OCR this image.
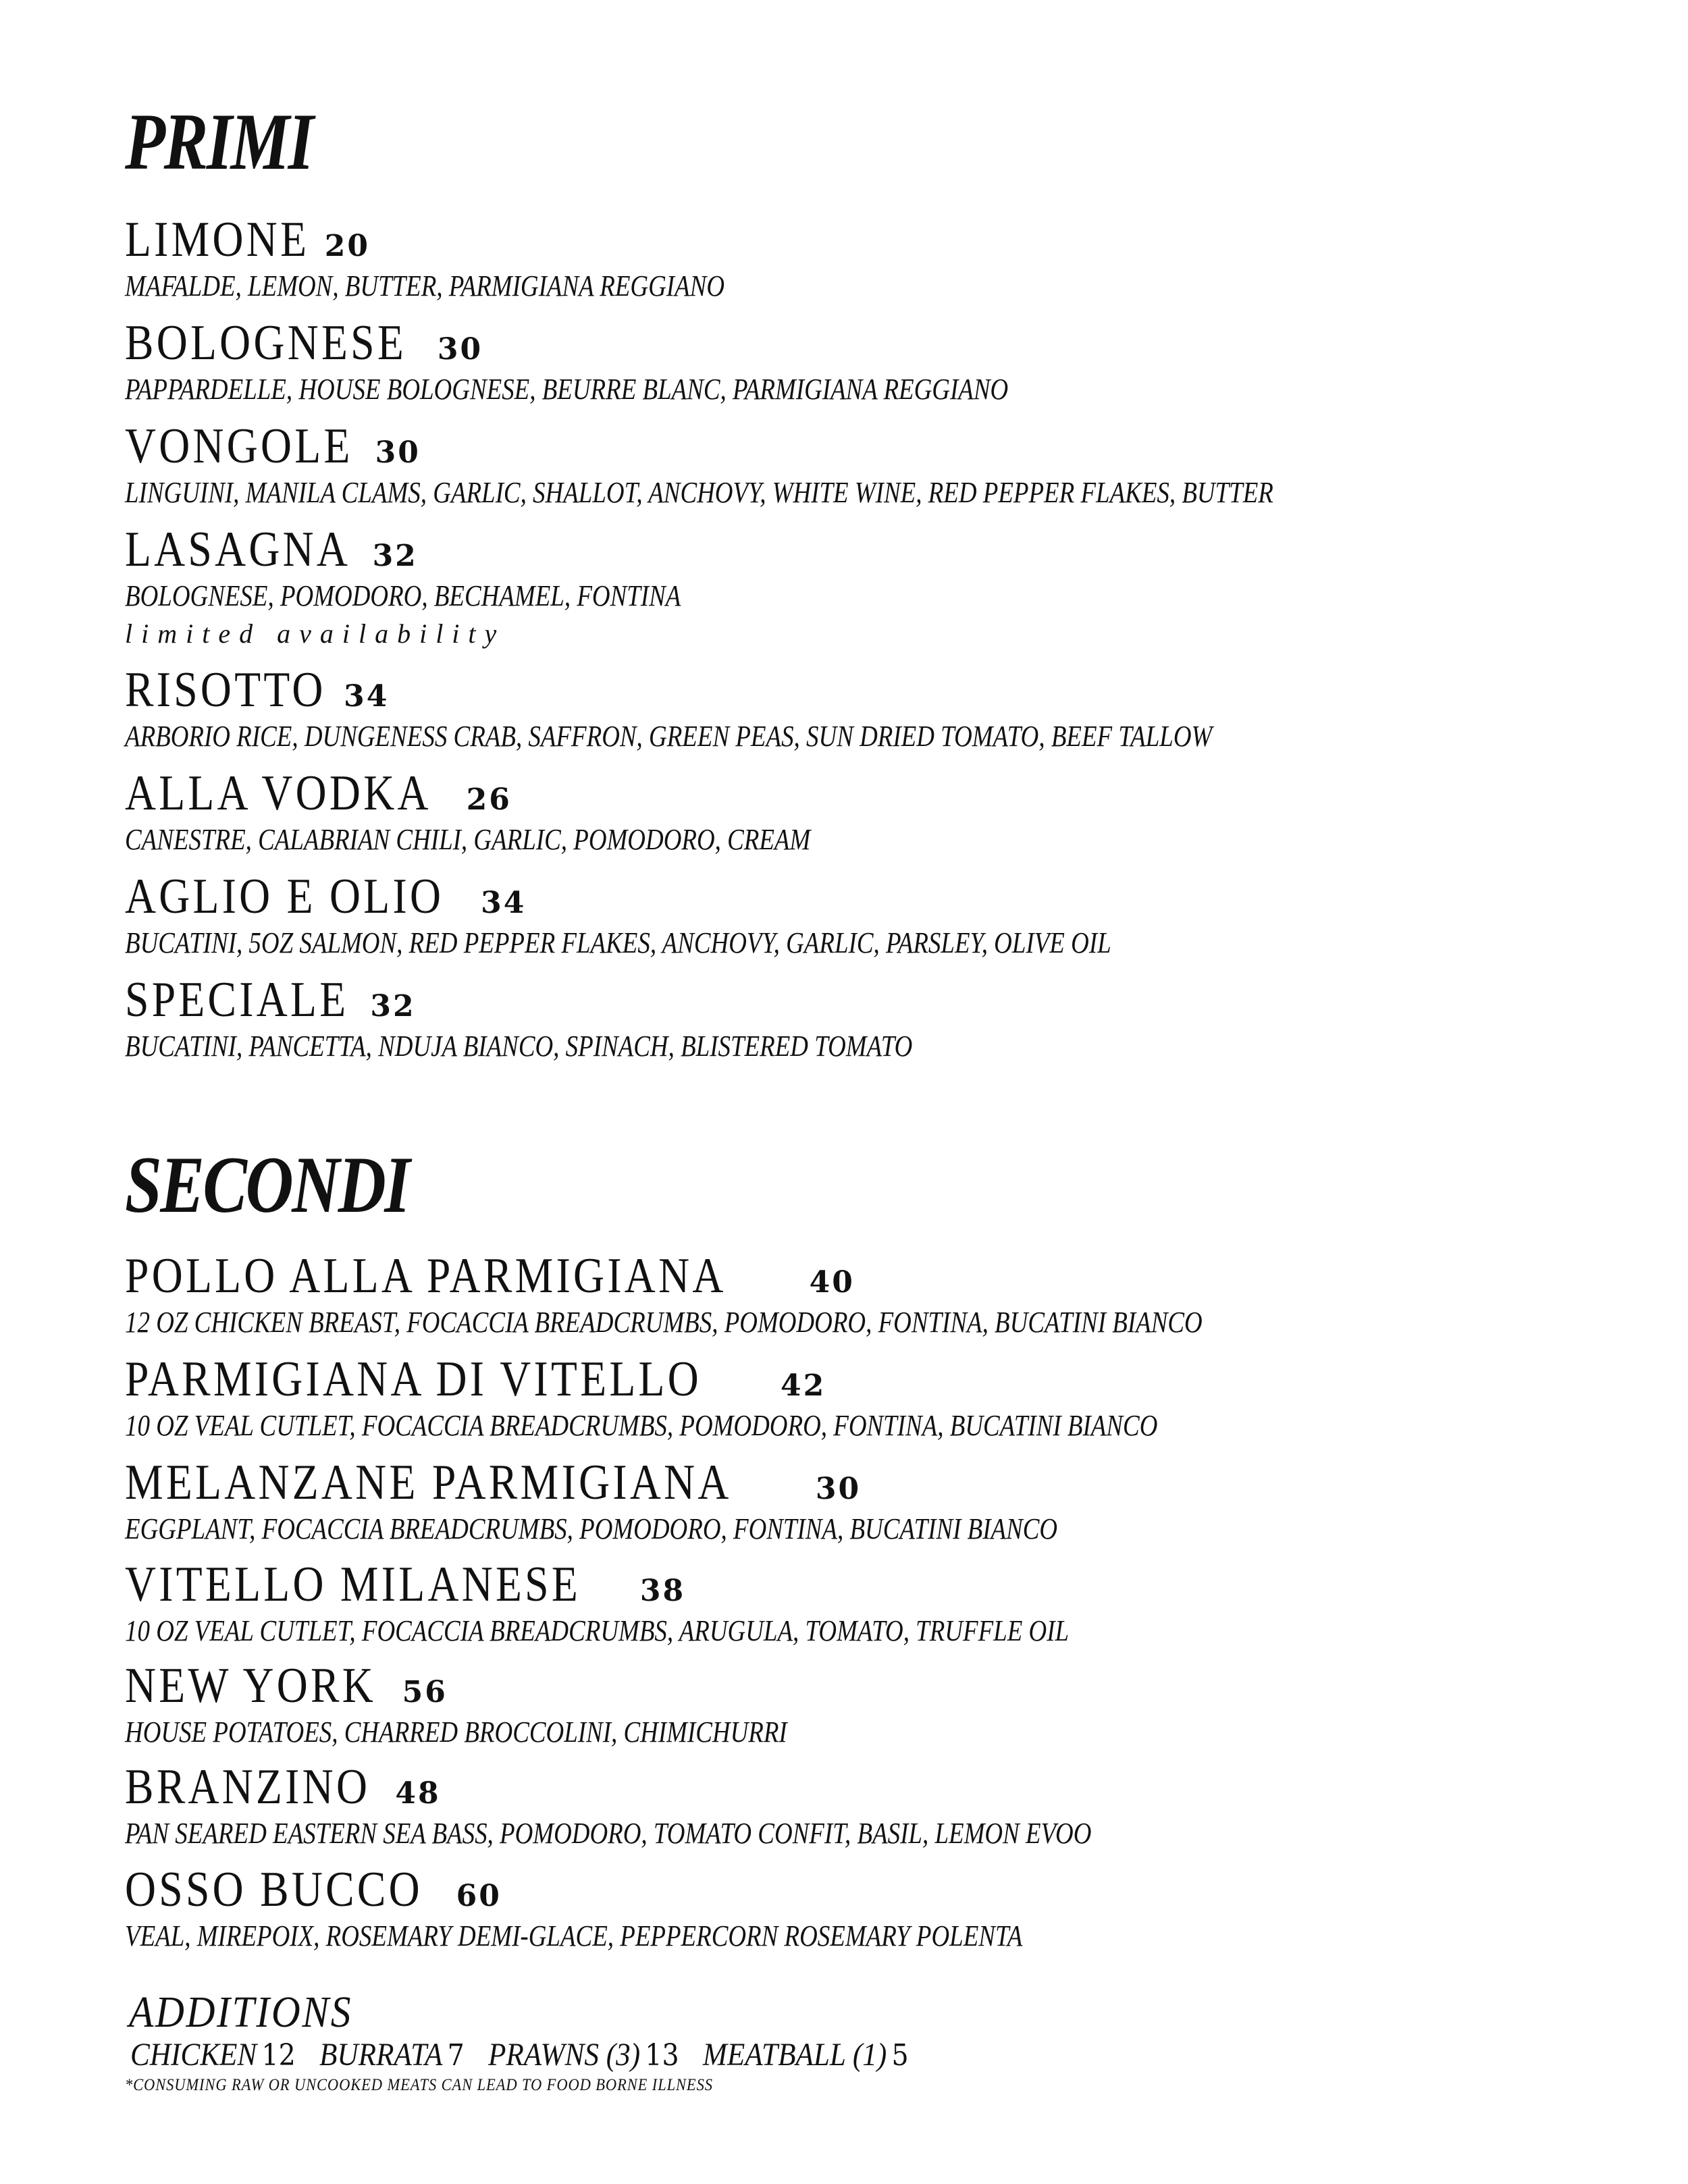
PRIMI
LIMONE 20
MAFALDE, LEMON, BUTTER, PARMIGIANA REGGIANO
BOLOGNESE 30
PAPPARDELLE, HOUSE BOLOGNESE, BEURRE BLANC, PARMIGIANA REGGIANO
VONGOLE 30
LINGUINI, MANILA CLAMS, GARLIC, SHALLOT, ANCHOVY, WHITE WINE, RED PEPPER FLAKES, BUTTER
LASAGNA 32
BOLOGNESE, POMODORO, BECHAMEL, FONTINA
limited availability
RISOTTO 34
ARBORIO RICE, DUNGENESS CRAB, SAFFRON, GREEN PEAS, SUN DRIED TOMATO, BEEF TALLOW
ALLA VODKA 26
CANESTRE, CALABRIAN CHILI, GARLIC, POMODORO, CREAM
AGLIO E OLIO 34
BUCATINI, 5OZ SALMON, RED PEPPER FLAKES, ANCHOVY, GARLIC, PARSLEY, OLIVE OIL
SPECIALE 32
BUCATINI, PANCETTA, NDUJA BIANCO, SPINACH, BLISTERED TOMATO
SECONDI
POLLO ALLA PARMIGIANA	40
12 OZ CHICKEN BREAST, FOCACCIA BREADCRUMBS, POMODORO, FONTINA, BUCATINI BIANCO
PARMIGIANA DI VITELLO	42
10 OZ VEAL CUTLET, FOCACCIA BREADCRUMBS, POMODORO, FONTINA, BUCATINI BIANCO
MELANZANE PARMIGIANA	30
EGGPLANT, FOCACCIA BREADCRUMBS, POMODORO, FONTINA, BUCATINI BIANCO
VITELLO MILANESE 38
10 OZ VEAL CUTLET, FOCACCIA BREADCRUMBS, ARUGULA, TOMATO, TRUFFLE OIL
NEW YORK 56
HOUSE POTATOES, CHARRED BROCCOLINI, CHIMICHURRI
BRANZINO 48
PAN SEARED EASTERN SEA BASS, POMODORO, TOMATO CONFIT, BASIL, LEMON EVOO
OSSO BUCCO 60
VEAL, MIREPOIX, ROSEMARY DEMI-GLACE, PEPPERCORN ROSEMARY POLENTA
ADDITIONS
CHICKEN 12 BURRATA 7 PRAWNS (3) 13 MEATBALL (1) 5
*CONSUMING RAW OR UNCOOKED MEATS CAN LEAD TO FOOD BORNE ILLNESS
